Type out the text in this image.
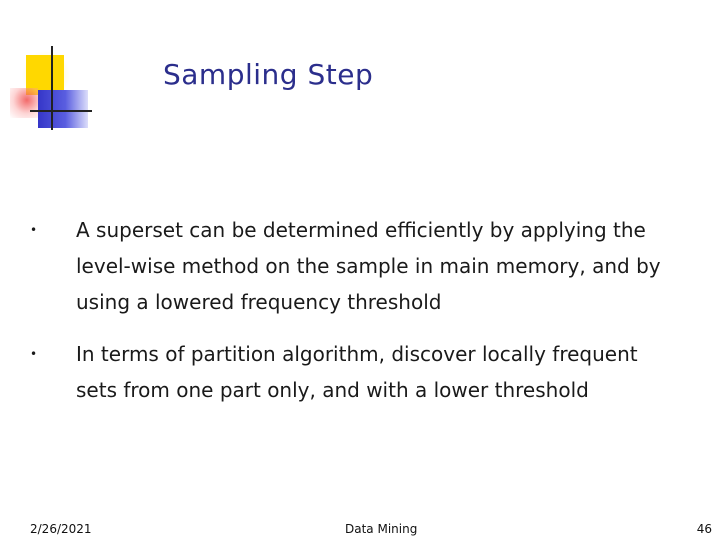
Sampling Step
• A superset can be determined efficiently by applying the level-wise method on the sample in main memory, and by using a lowered frequency threshold
• In terms of partition algorithm, discover locally frequent sets from one part only, and with a lower threshold
2/26/2021	Data Mining	46
